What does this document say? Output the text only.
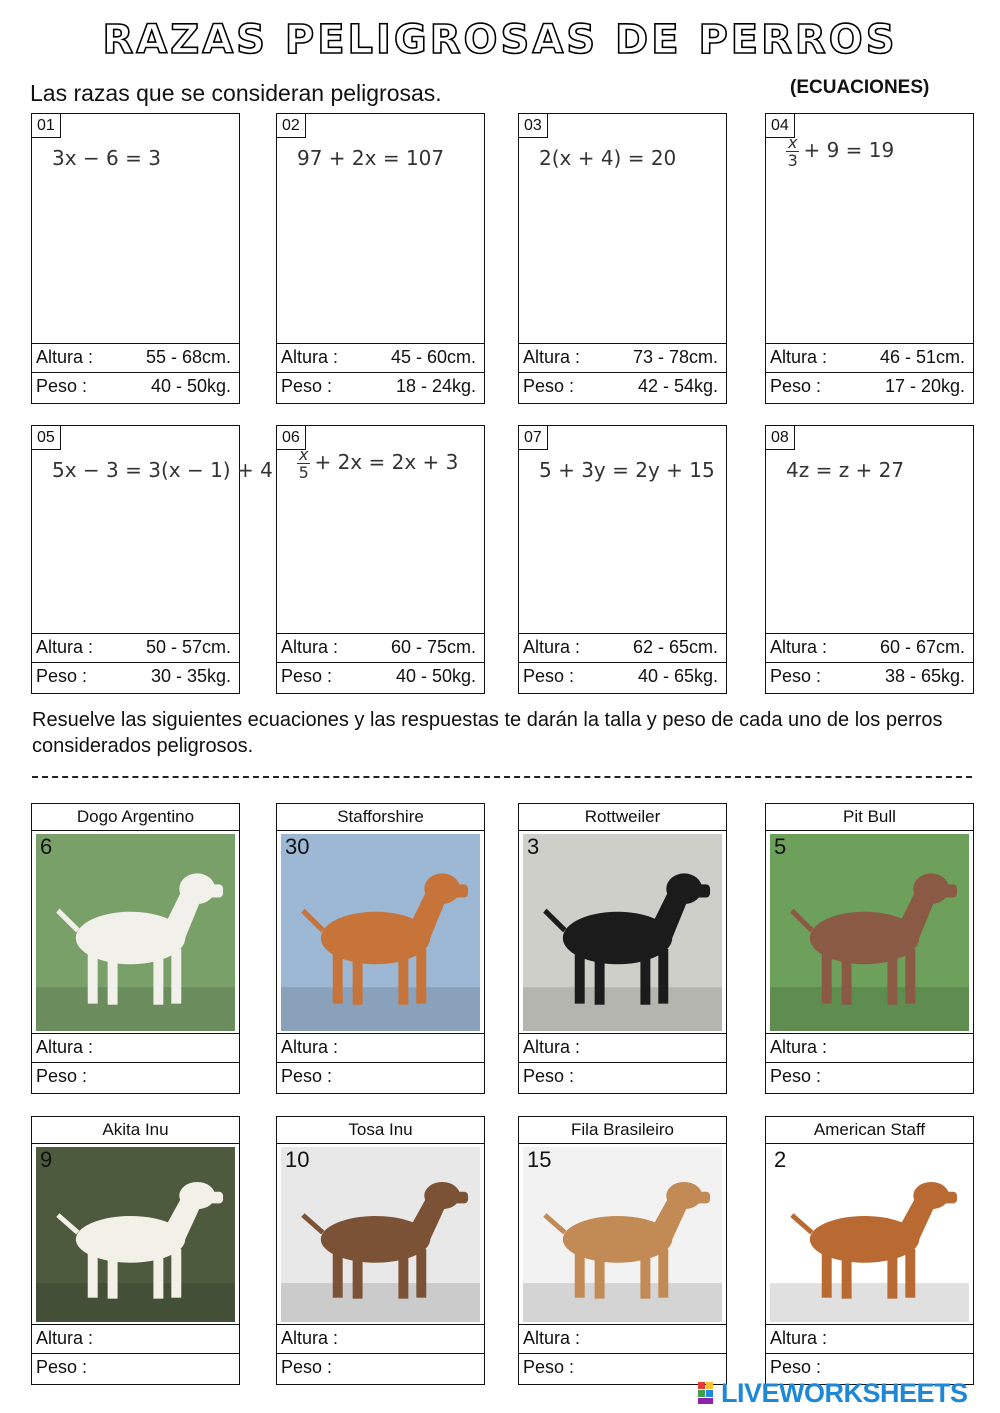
RAZAS PELIGROSAS DE PERROS
Las razas que se consideran peligrosas.	(ECUACIONES)
01
3x − 6 = 3
Altura :	55 - 68cm.
Peso :	40 - 50kg.
02
97 + 2x = 107
Altura :	45 - 60cm.
Peso :	18 - 24kg.
03
2(x + 4) = 20
Altura :	73 - 78cm.
Peso :	42 - 54kg.
04
$\frac{x}{3} + 9 = 19$
Altura :	46 - 51cm.
Peso :	17 - 20kg.
05
5x − 3 = 3(x − 1) + 4
Altura :	50 - 57cm.
Peso :	30 - 35kg.
06
$\frac{x}{5} + 2x = 2x + 3$
Altura :	60 - 75cm.
Peso :	40 - 50kg.
07
5 + 3y = 2y + 15
Altura :	62 - 65cm.
Peso :	40 - 65kg.
08
4z = z + 27
Altura :	60 - 67cm.
Peso :	38 - 65kg.
Resuelve las siguientes ecuaciones y las respuestas te darán la talla y peso de cada uno de los perros considerados peligrosos.
Dogo Argentino
6
Altura :
Peso :
Stafforshire
30
Altura :
Peso :
Rottweiler
3
Altura :
Peso :
Pit Bull
5
Altura :
Peso :
Akita Inu
9
Altura :
Peso :
Tosa Inu
10
Altura :
Peso :
Fila Brasileiro
15
Altura :
Peso :
American Staff
2
Altura :
Peso :
LIVEWORKSHEETS
